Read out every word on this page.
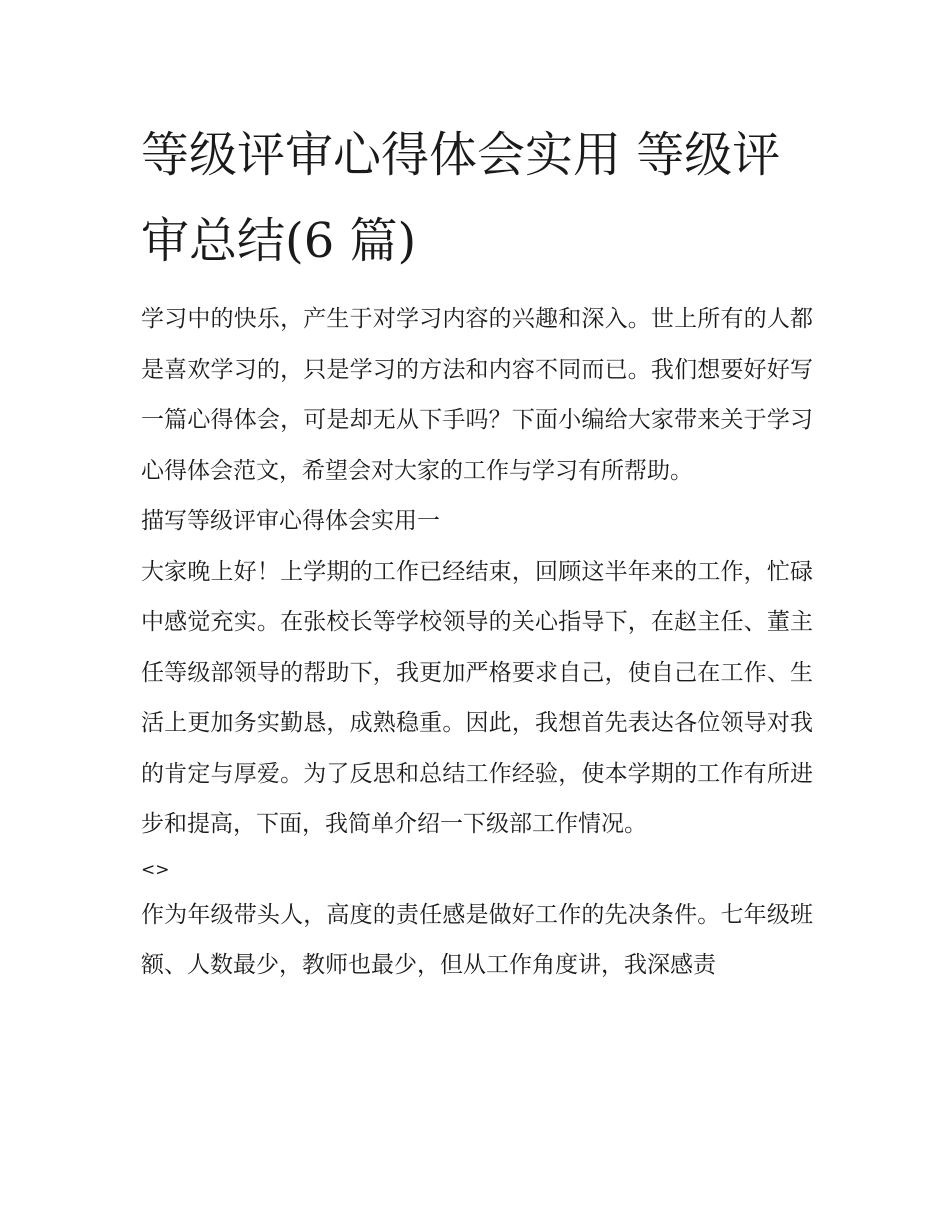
等级评审心得体会实用 等级评审总结(6 篇)

学习中的快乐，产生于对学习内容的兴趣和深入。世上所有的人都是喜欢学习的，只是学习的方法和内容不同而已。我们想要好好写一篇心得体会，可是却无从下手吗？下面小编给大家带来关于学习心得体会范文，希望会对大家的工作与学习有所帮助。

描写等级评审心得体会实用一

大家晚上好！上学期的工作已经结束，回顾这半年来的工作，忙碌中感觉充实。在张校长等学校领导的关心指导下，在赵主任、董主任等级部领导的帮助下，我更加严格要求自己，使自己在工作、生活上更加务实勤恳，成熟稳重。因此，我想首先表达各位领导对我的肯定与厚爱。为了反思和总结工作经验，使本学期的工作有所进步和提高，下面，我简单介绍一下级部工作情况。

<>

作为年级带头人，高度的责任感是做好工作的先决条件。七年级班额、人数最少，教师也最少，但从工作角度讲，我深感责
